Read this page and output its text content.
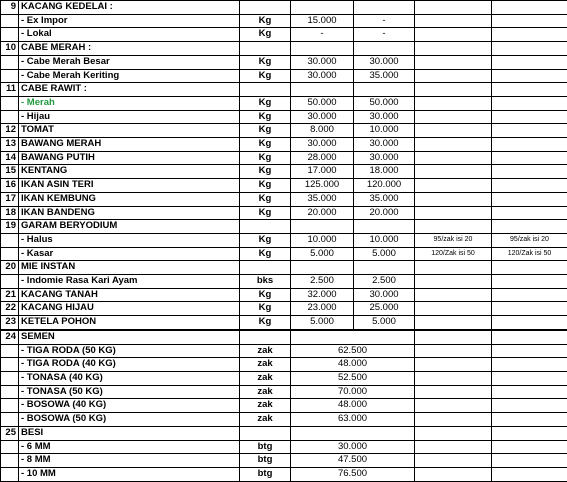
9	KACANG KEDELAI :					
	- Ex Impor	Kg	15.000	-		
	- Lokal	Kg	-	-		
10	CABE MERAH :					
	- Cabe Merah Besar	Kg	30.000	30.000		
	- Cabe Merah Keriting	Kg	30.000	35.000		
11	CABE RAWIT :					
	- Merah	Kg	50.000	50.000		
	- Hijau	Kg	30.000	30.000		
12	TOMAT	Kg	8.000	10.000		
13	BAWANG MERAH	Kg	30.000	30.000		
14	BAWANG PUTIH	Kg	28.000	30.000		
15	KENTANG	Kg	17.000	18.000		
16	IKAN ASIN TERI	Kg	125.000	120.000		
17	IKAN KEMBUNG	Kg	35.000	35.000		
18	IKAN BANDENG	Kg	20.000	20.000		
19	GARAM BERYODIUM					
	- Halus	Kg	10.000	10.000	95/zak isi 20	95/zak isi 20
	- Kasar	Kg	5.000	5.000	120/Zak isi 50	120/Zak isi 50
20	MIE INSTAN					
	- Indomie Rasa Kari Ayam	bks	2.500	2.500		
21	KACANG TANAH	Kg	32.000	30.000		
22	KACANG HIJAU	Kg	23.000	25.000		
23	KETELA POHON	Kg	5.000	5.000		
24	SEMEN					
	- TIGA RODA (50 KG)	zak	62.500			
	- TIGA RODA (40 KG)	zak	48.000			
	- TONASA (40 KG)	zak	52.500			
	- TONASA (50 KG)	zak	70.000			
	- BOSOWA (40 KG)	zak	48.000			
	- BOSOWA (50 KG)	zak	63.000			
25	BESI					
	- 6 MM	btg	30.000			
	- 8 MM	btg	47.500			
	- 10 MM	btg	76.500			
